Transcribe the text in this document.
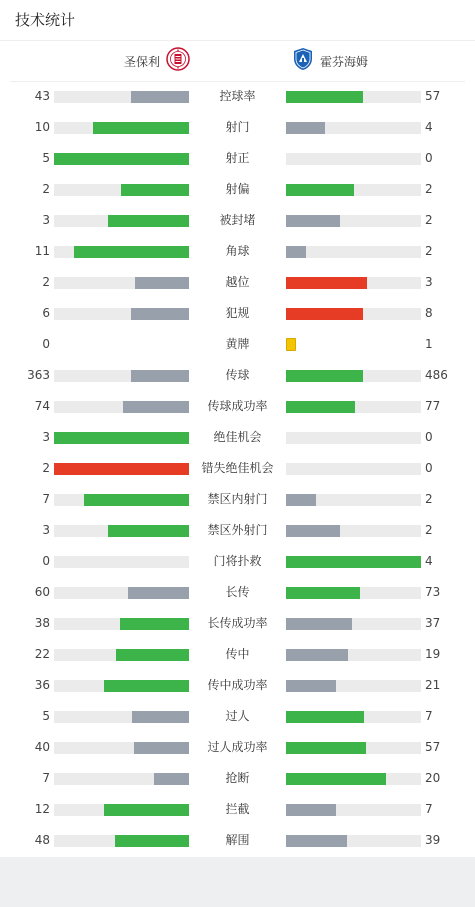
技术统计
圣保利	霍芬海姆
43	控球率	57
10	射门	4
5	射正	0
2	射偏	2
3	被封堵	2
11	角球	2
2	越位	3
6	犯规	8
0	黄牌	1
363	传球	486
74	传球成功率	77
3	绝佳机会	0
2	错失绝佳机会	0
7	禁区内射门	2
3	禁区外射门	2
0	门将扑救	4
60	长传	73
38	长传成功率	37
22	传中	19
36	传中成功率	21
5	过人	7
40	过人成功率	57
7	抢断	20
12	拦截	7
48	解围	39
